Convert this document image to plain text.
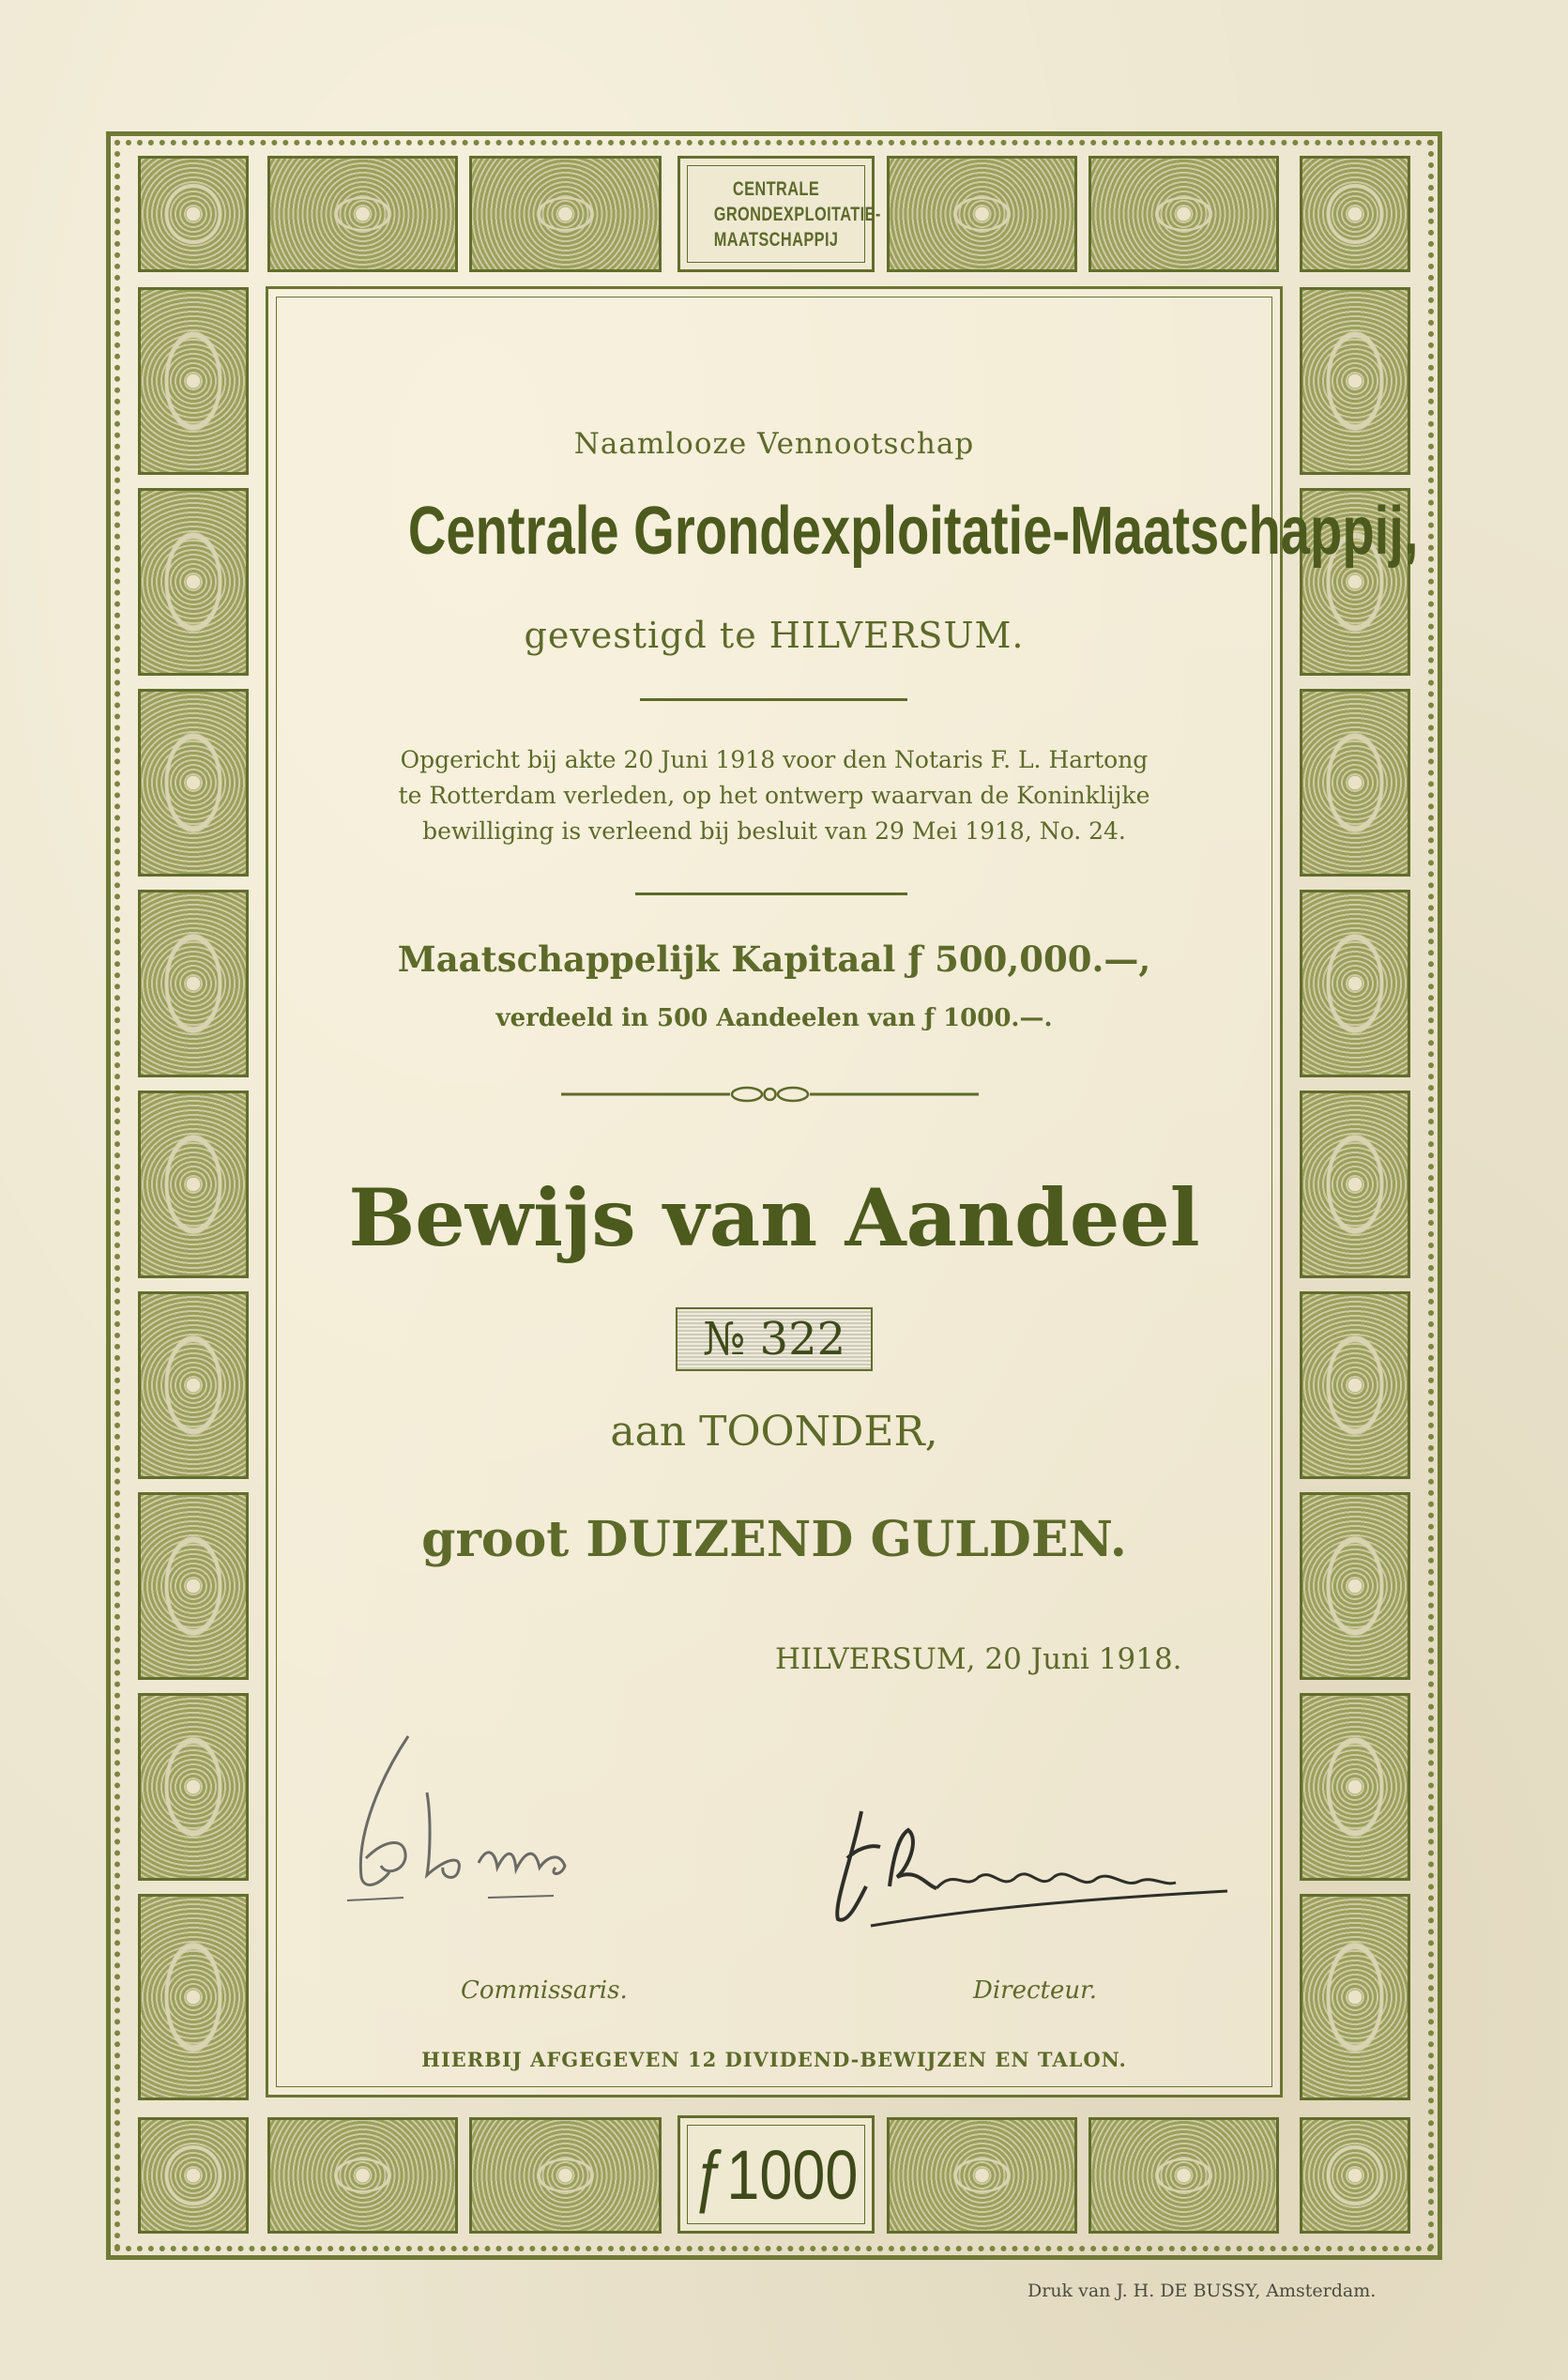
CENTRALE GRONDEXPLOITATIE-MAATSCHAPPIJ
Naamlooze Vennootschap
Centrale Grondexploitatie-Maatschappij,
gevestigd te HILVERSUM.
Opgericht bij akte 20 Juni 1918 voor den Notaris F. L. Hartong
te Rotterdam verleden, op het ontwerp waarvan de Koninklijke
bewilliging is verleend bij besluit van 29 Mei 1918, No. 24.
Maatschappelijk Kapitaal ƒ 500,000.—,
verdeeld in 500 Aandeelen van ƒ 1000.—.
Bewijs van Aandeel
№ 322
aan TOONDER,
groot DUIZEND GULDEN.
HILVERSUM, 20 Juni 1918.
Commissaris.	Directeur.
HIERBIJ AFGEGEVEN 12 DIVIDEND-BEWIJZEN EN TALON.
ƒ1000
Druk van J. H. DE BUSSY, Amsterdam.
